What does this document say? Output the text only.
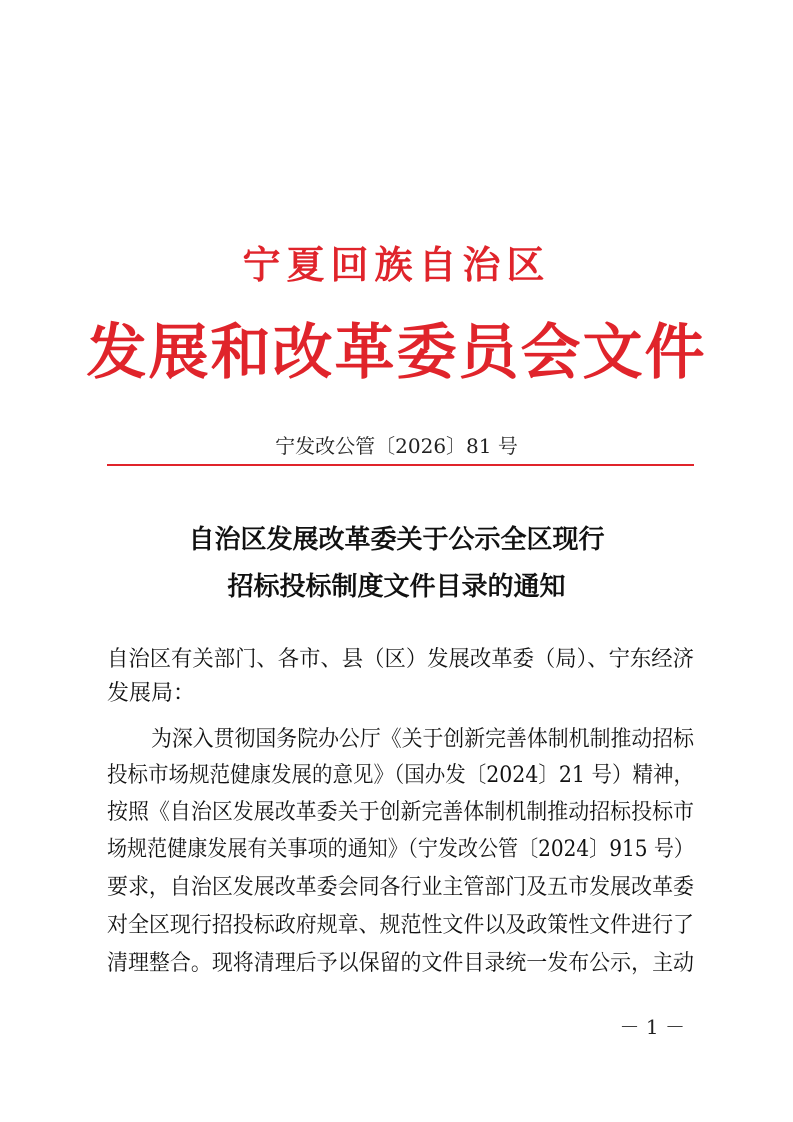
宁夏回族自治区
发展和改革委员会文件
宁发改公管〔2026〕81 号
自治区发展改革委关于公示全区现行
招标投标制度文件目录的通知
自治区有关部门、各市、县（区）发展改革委（局）、宁东经济
发展局：
为深入贯彻国务院办公厅《关于创新完善体制机制推动招标
投标市场规范健康发展的意见》（国办发〔2024〕21 号）精神，
按照《自治区发展改革委关于创新完善体制机制推动招标投标市
场规范健康发展有关事项的通知》（宁发改公管〔2024〕915 号）
要求，自治区发展改革委会同各行业主管部门及五市发展改革委
对全区现行招投标政府规章、规范性文件以及政策性文件进行了
清理整合。现将清理后予以保留的文件目录统一发布公示，主动
－ 1 －
